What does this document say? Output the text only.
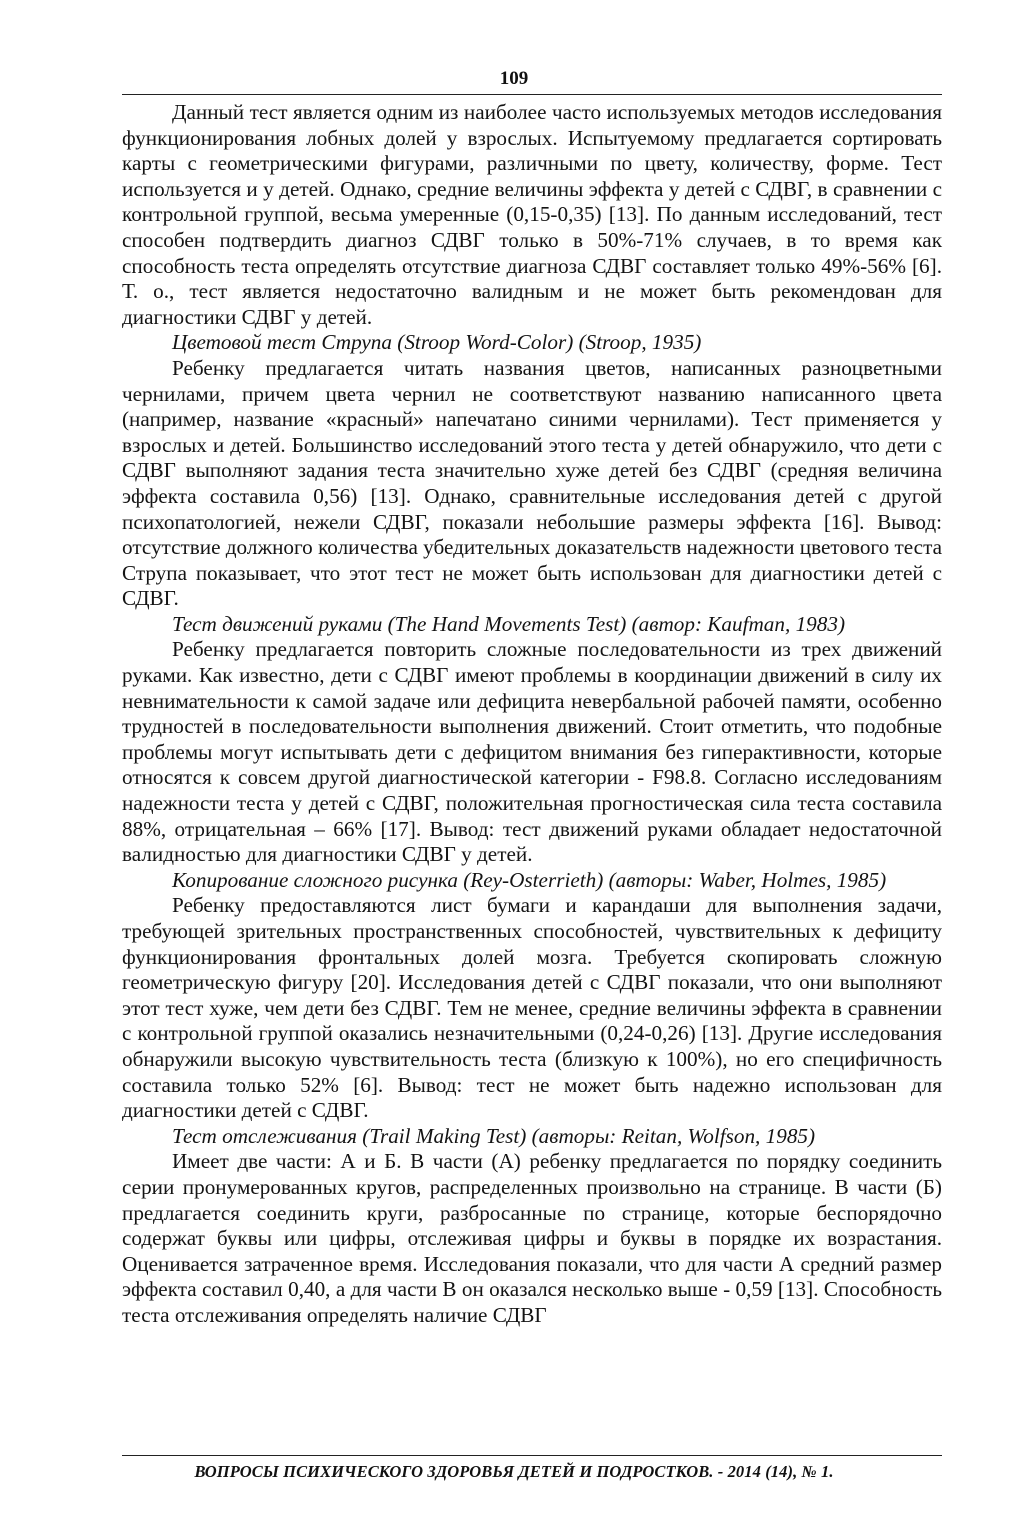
109

Данный тест является одним из наиболее часто используемых методов исследования функционирования лобных долей у взрослых. Испытуемому предлагается сортировать карты с геометрическими фигурами, различными по цвету, количеству, форме. Тест используется и у детей. Однако, средние величины эффекта у детей с СДВГ, в сравнении с контрольной группой, весьма умеренные (0,15-0,35) [13]. По данным исследований, тест способен подтвердить диагноз СДВГ только в 50%-71% случаев, в то время как способность теста определять отсутствие диагноза СДВГ составляет только 49%-56% [6]. Т. о., тест является недостаточно валидным и не может быть рекомендован для диагностики СДВГ у детей.

Цветовой тест Струпа (Stroop Word-Color) (Stroop, 1935)

Ребенку предлагается читать названия цветов, написанных разноцветными чернилами, причем цвета чернил не соответствуют названию написанного цвета (например, название «красный» напечатано синими чернилами). Тест применяется у взрослых и детей. Большинство исследований этого теста у детей обнаружило, что дети с СДВГ выполняют задания теста значительно хуже детей без СДВГ (средняя величина эффекта составила 0,56) [13]. Однако, сравнительные исследования детей с другой психопатологией, нежели СДВГ, показали небольшие размеры эффекта [16]. Вывод: отсутствие должного количества убедительных доказательств надежности цветового теста Струпа показывает, что этот тест не может быть использован для диагностики детей с СДВГ.

Тест движений руками (The Hand Movements Test) (автор: Kaufman, 1983)

Ребенку предлагается повторить сложные последовательности из трех движений руками. Как известно, дети с СДВГ имеют проблемы в координации движений в силу их невнимательности к самой задаче или дефицита невербальной рабочей памяти, особенно трудностей в последовательности выполнения движений. Стоит отметить, что подобные проблемы могут испытывать дети с дефицитом внимания без гиперактивности, которые относятся к совсем другой диагностической категории - F98.8. Согласно исследованиям надежности теста у детей с СДВГ, положительная прогностическая сила теста составила 88%, отрицательная – 66% [17]. Вывод: тест движений руками обладает недостаточной валидностью для диагностики СДВГ у детей.

Копирование сложного рисунка (Rey-Osterrieth) (авторы: Waber, Holmes, 1985)

Ребенку предоставляются лист бумаги и карандаши для выполнения задачи, требующей зрительных пространственных способностей, чувствительных к дефициту функционирования фронтальных долей мозга. Требуется скопировать сложную геометрическую фигуру [20]. Исследования детей с СДВГ показали, что они выполняют этот тест хуже, чем дети без СДВГ. Тем не менее, средние величины эффекта в сравнении с контрольной группой оказались незначительными (0,24-0,26) [13]. Другие исследования обнаружили высокую чувствительность теста (близкую к 100%), но его специфичность составила только 52% [6]. Вывод: тест не может быть надежно использован для диагностики детей с СДВГ.

Тест отслеживания (Trail Making Test) (авторы: Reitan, Wolfson, 1985)

Имеет две части: А и Б. В части (А) ребенку предлагается по порядку соединить серии пронумерованных кругов, распределенных произвольно на странице. В части (Б) предлагается соединить круги, разбросанные по странице, которые беспорядочно содержат буквы или цифры, отслеживая цифры и буквы в порядке их возрастания. Оценивается затраченное время. Исследования показали, что для части А средний размер эффекта составил 0,40, а для части В он оказался несколько выше - 0,59 [13]. Способность теста отслеживания определять наличие СДВГ

ВОПРОСЫ ПСИХИЧЕСКОГО ЗДОРОВЬЯ ДЕТЕЙ И ПОДРОСТКОВ. - 2014 (14), № 1.
